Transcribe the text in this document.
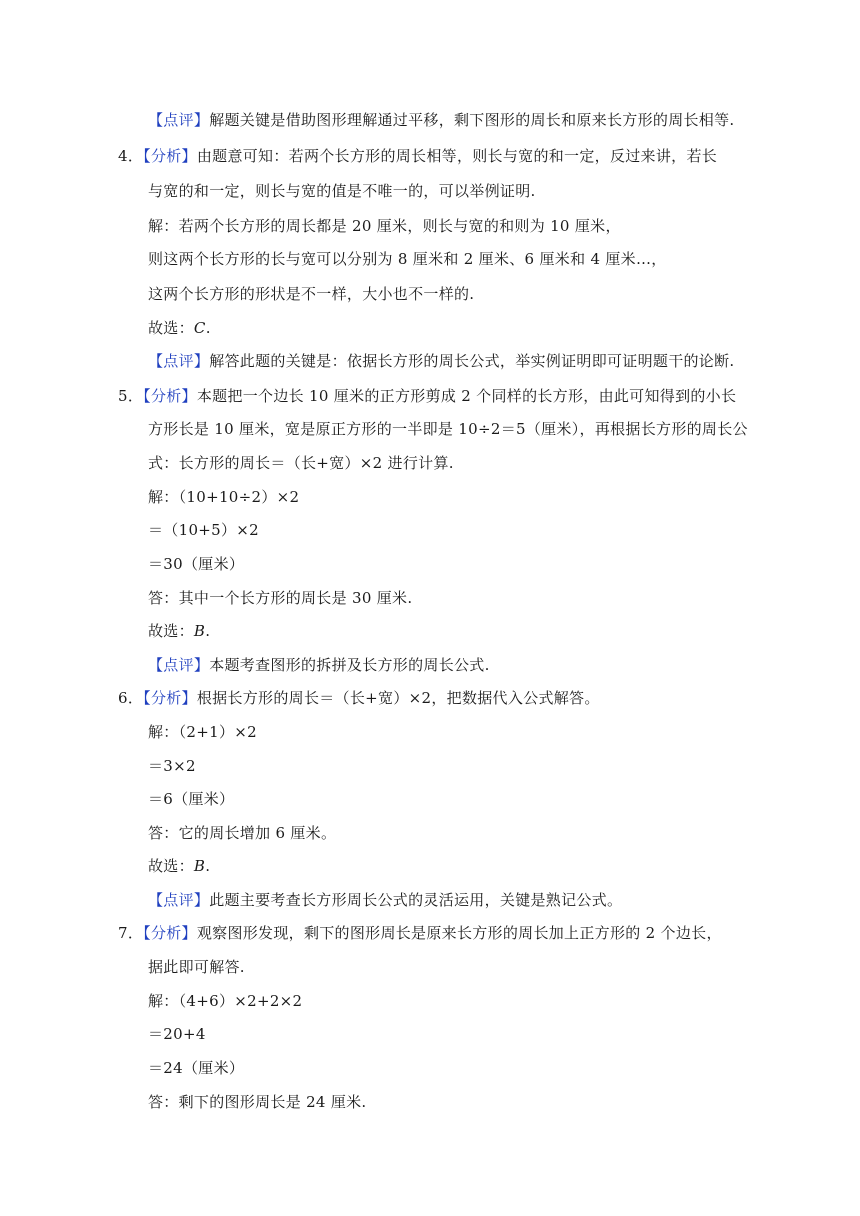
【点评】解题关键是借助图形理解通过平移，剩下图形的周长和原来长方形的周长相等.
4．【分析】由题意可知：若两个长方形的周长相等，则长与宽的和一定，反过来讲，若长
与宽的和一定，则长与宽的值是不唯一的，可以举例证明.
解：若两个长方形的周长都是 20 厘米，则长与宽的和则为 10 厘米，
则这两个长方形的长与宽可以分别为 8 厘米和 2 厘米、6 厘米和 4 厘米…，
这两个长方形的形状是不一样，大小也不一样的.
故选：C.
【点评】解答此题的关键是：依据长方形的周长公式，举实例证明即可证明题干的论断.
5．【分析】本题把一个边长 10 厘米的正方形剪成 2 个同样的长方形，由此可知得到的小长
方形长是 10 厘米，宽是原正方形的一半即是 10÷2＝5（厘米），再根据长方形的周长公
式：长方形的周长＝（长+宽）×2 进行计算.
解：（10+10÷2）×2
＝（10+5）×2
＝30（厘米）
答：其中一个长方形的周长是 30 厘米.
故选：B.
【点评】本题考查图形的拆拼及长方形的周长公式.
6．【分析】根据长方形的周长＝（长+宽）×2，把数据代入公式解答。
解：（2+1）×2
＝3×2
＝6（厘米）
答：它的周长增加 6 厘米。
故选：B.
【点评】此题主要考查长方形周长公式的灵活运用，关键是熟记公式。
7．【分析】观察图形发现，剩下的图形周长是原来长方形的周长加上正方形的 2 个边长，
据此即可解答.
解：（4+6）×2+2×2
＝20+4
＝24（厘米）
答：剩下的图形周长是 24 厘米.
